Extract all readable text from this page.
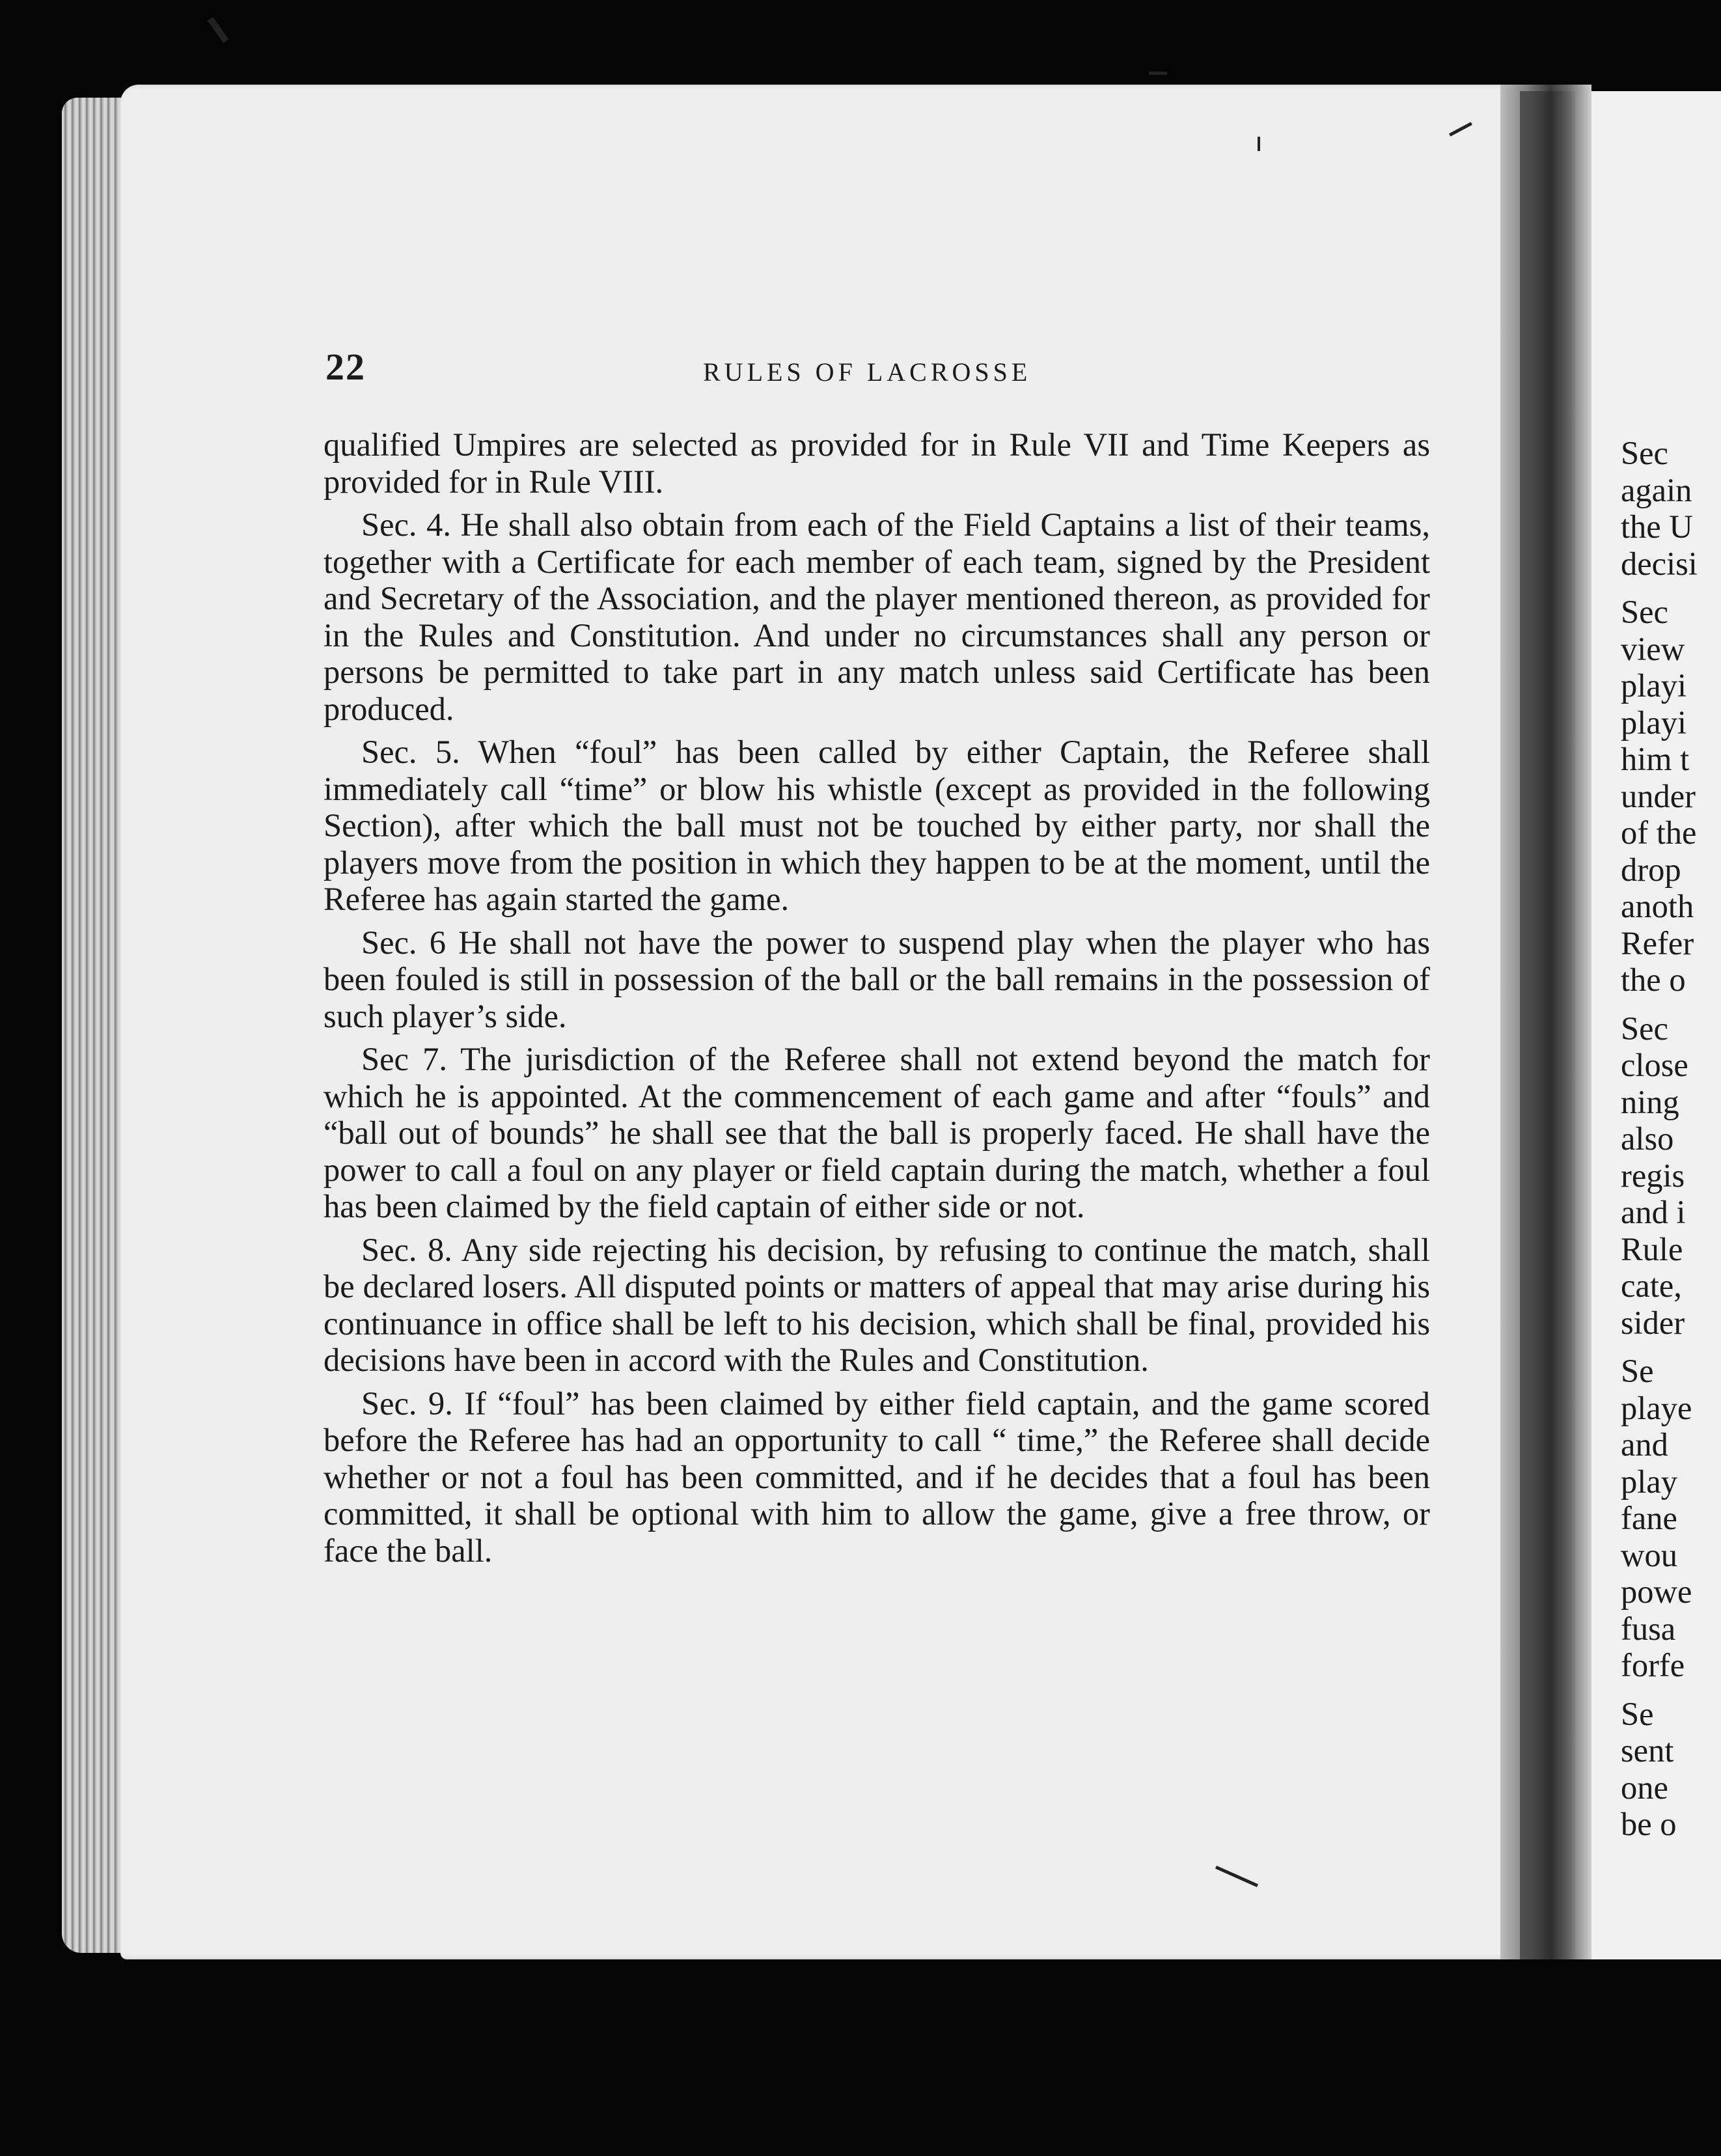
22	RULES OF LACROSSE

qualified Umpires are selected as provided for in Rule VII and Time Keepers as provided for in Rule VIII.

Sec. 4. He shall also obtain from each of the Field Captains a list of their teams, together with a Certificate for each member of each team, signed by the President and Secretary of the Association, and the player mentioned thereon, as provided for in the Rules and Constitution. And under no circumstances shall any person or persons be permitted to take part in any match unless said Certificate has been produced.

Sec. 5. When “foul” has been called by either Captain, the Referee shall immediately call “time” or blow his whistle (except as provided in the following Section), after which the ball must not be touched by either party, nor shall the players move from the position in which they happen to be at the moment, until the Referee has again started the game.

Sec. 6 He shall not have the power to suspend play when the player who has been fouled is still in possession of the ball or the ball remains in the possession of such player’s side.

Sec 7. The jurisdiction of the Referee shall not extend beyond the match for which he is appointed. At the commencement of each game and after “fouls” and “ball out of bounds” he shall see that the ball is properly faced. He shall have the power to call a foul on any player or field captain during the match, whether a foul has been claimed by the field captain of either side or not.

Sec. 8. Any side rejecting his decision, by refusing to continue the match, shall be declared losers. All disputed points or matters of appeal that may arise during his continuance in office shall be left to his decision, which shall be final, provided his decisions have been in accord with the Rules and Constitution.

Sec. 9. If “foul” has been claimed by either field captain, and the game scored before the Referee has had an opportunity to call “ time,” the Referee shall decide whether or not a foul has been committed, and if he decides that a foul has been committed, it shall be optional with him to allow the game, give a free throw, or face the ball.

Sec
again
the U
decisi
Sec
view
playi
playi
him t
under
of the
drop
anoth
Refer
the o
Sec
close
ning
also
regis
and i
Rule
cate,
sider
Se
playe
and
play
fane
wou
powe
fusa
forfe
Se
sent
one
be o
